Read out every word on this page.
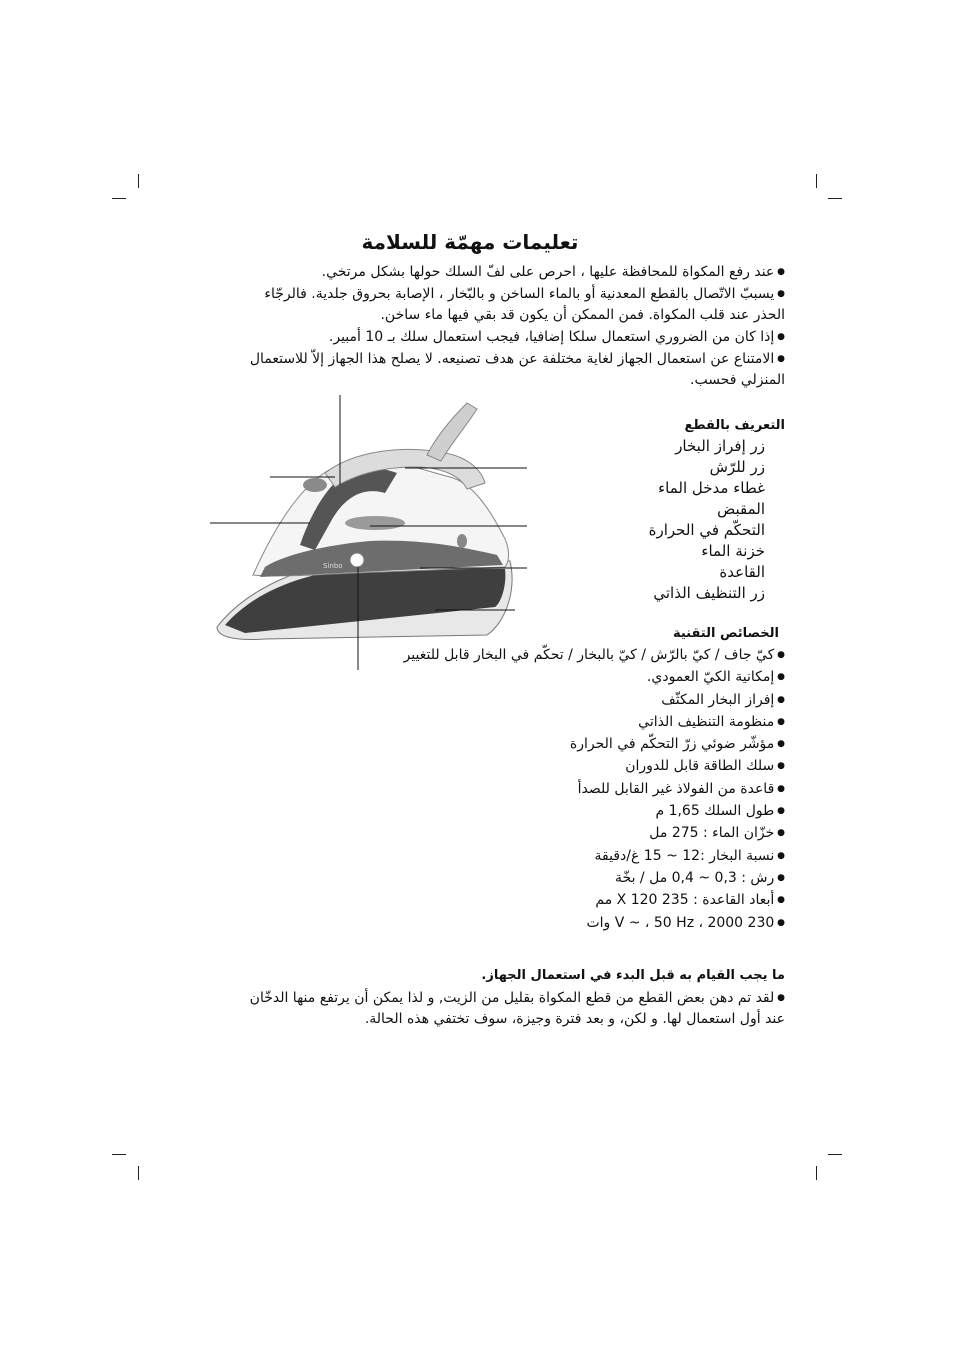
تعليمات مهمّة للسلامة

● عند رفع المكواة للمحافظة عليها ، احرص على لفّ السلك حولها بشكل مرتخي.

● يسببّ الاتّصال بالقطع المعدنية أو بالماء الساخن و بالبّخار ، الإصابة بحروق جلدية. فالرجّاء الحذر عند قلب المكواة. فمن الممكن أن يكون قد بقي فيها ماء ساخن.

● إذا كان من الضروري استعمال سلكا إضافيا، فيجب استعمال سلك بـ 10 أمبير.

● الامتناع عن استعمال الجهاز لغاية مختلفة عن هدف تصنيعه. لا يصلح هذا الجهاز إلاّ للاستعمال المنزلي فحسب.

Sinbo
التعريف بالقطع
زر إفراز البخار
زر للرّش
غطاء مدخل الماء
المقبض
التحكّم في الحرارة
خزنة الماء
القاعدة
زر التنظيف الذاتي
الخصائص التقنية
● كيّ جاف / كيّ بالرّش / كيّ بالبخار / تحكّم في البخار قابل للتغيير
● إمكانية الكيّ العمودي.
● إفراز البخار المكثّف
● منظومة التنظيف الذاتي
● مؤشّر ضوئي زرّ التحكّم في الحرارة
● سلك الطاقة قابل للدوران
● قاعدة من الفولاذ غير القابل للصدأ
● طول السلك 1,65 م
● خزّان الماء : 275 مل
● نسبة البخار :12 ~ 15 غ/دقيقة
● رش : 0,3 ~ 0,4 مل / بخّة
● أبعاد القاعدة : 235 X 120 مم
● 230 V ~ ، 50 Hz ، 2000 وات
ما يجب القيام به قبل البدء في استعمال الجهاز.

● لقد تم دهن بعض القطع من قطع المكواة بقليل من الزيت, و لذا يمكن أن يرتفع منها الدخّان عند أول استعمال لها. و لكن، و بعد فترة وجيزة، سوف تختفي هذه الحالة.
